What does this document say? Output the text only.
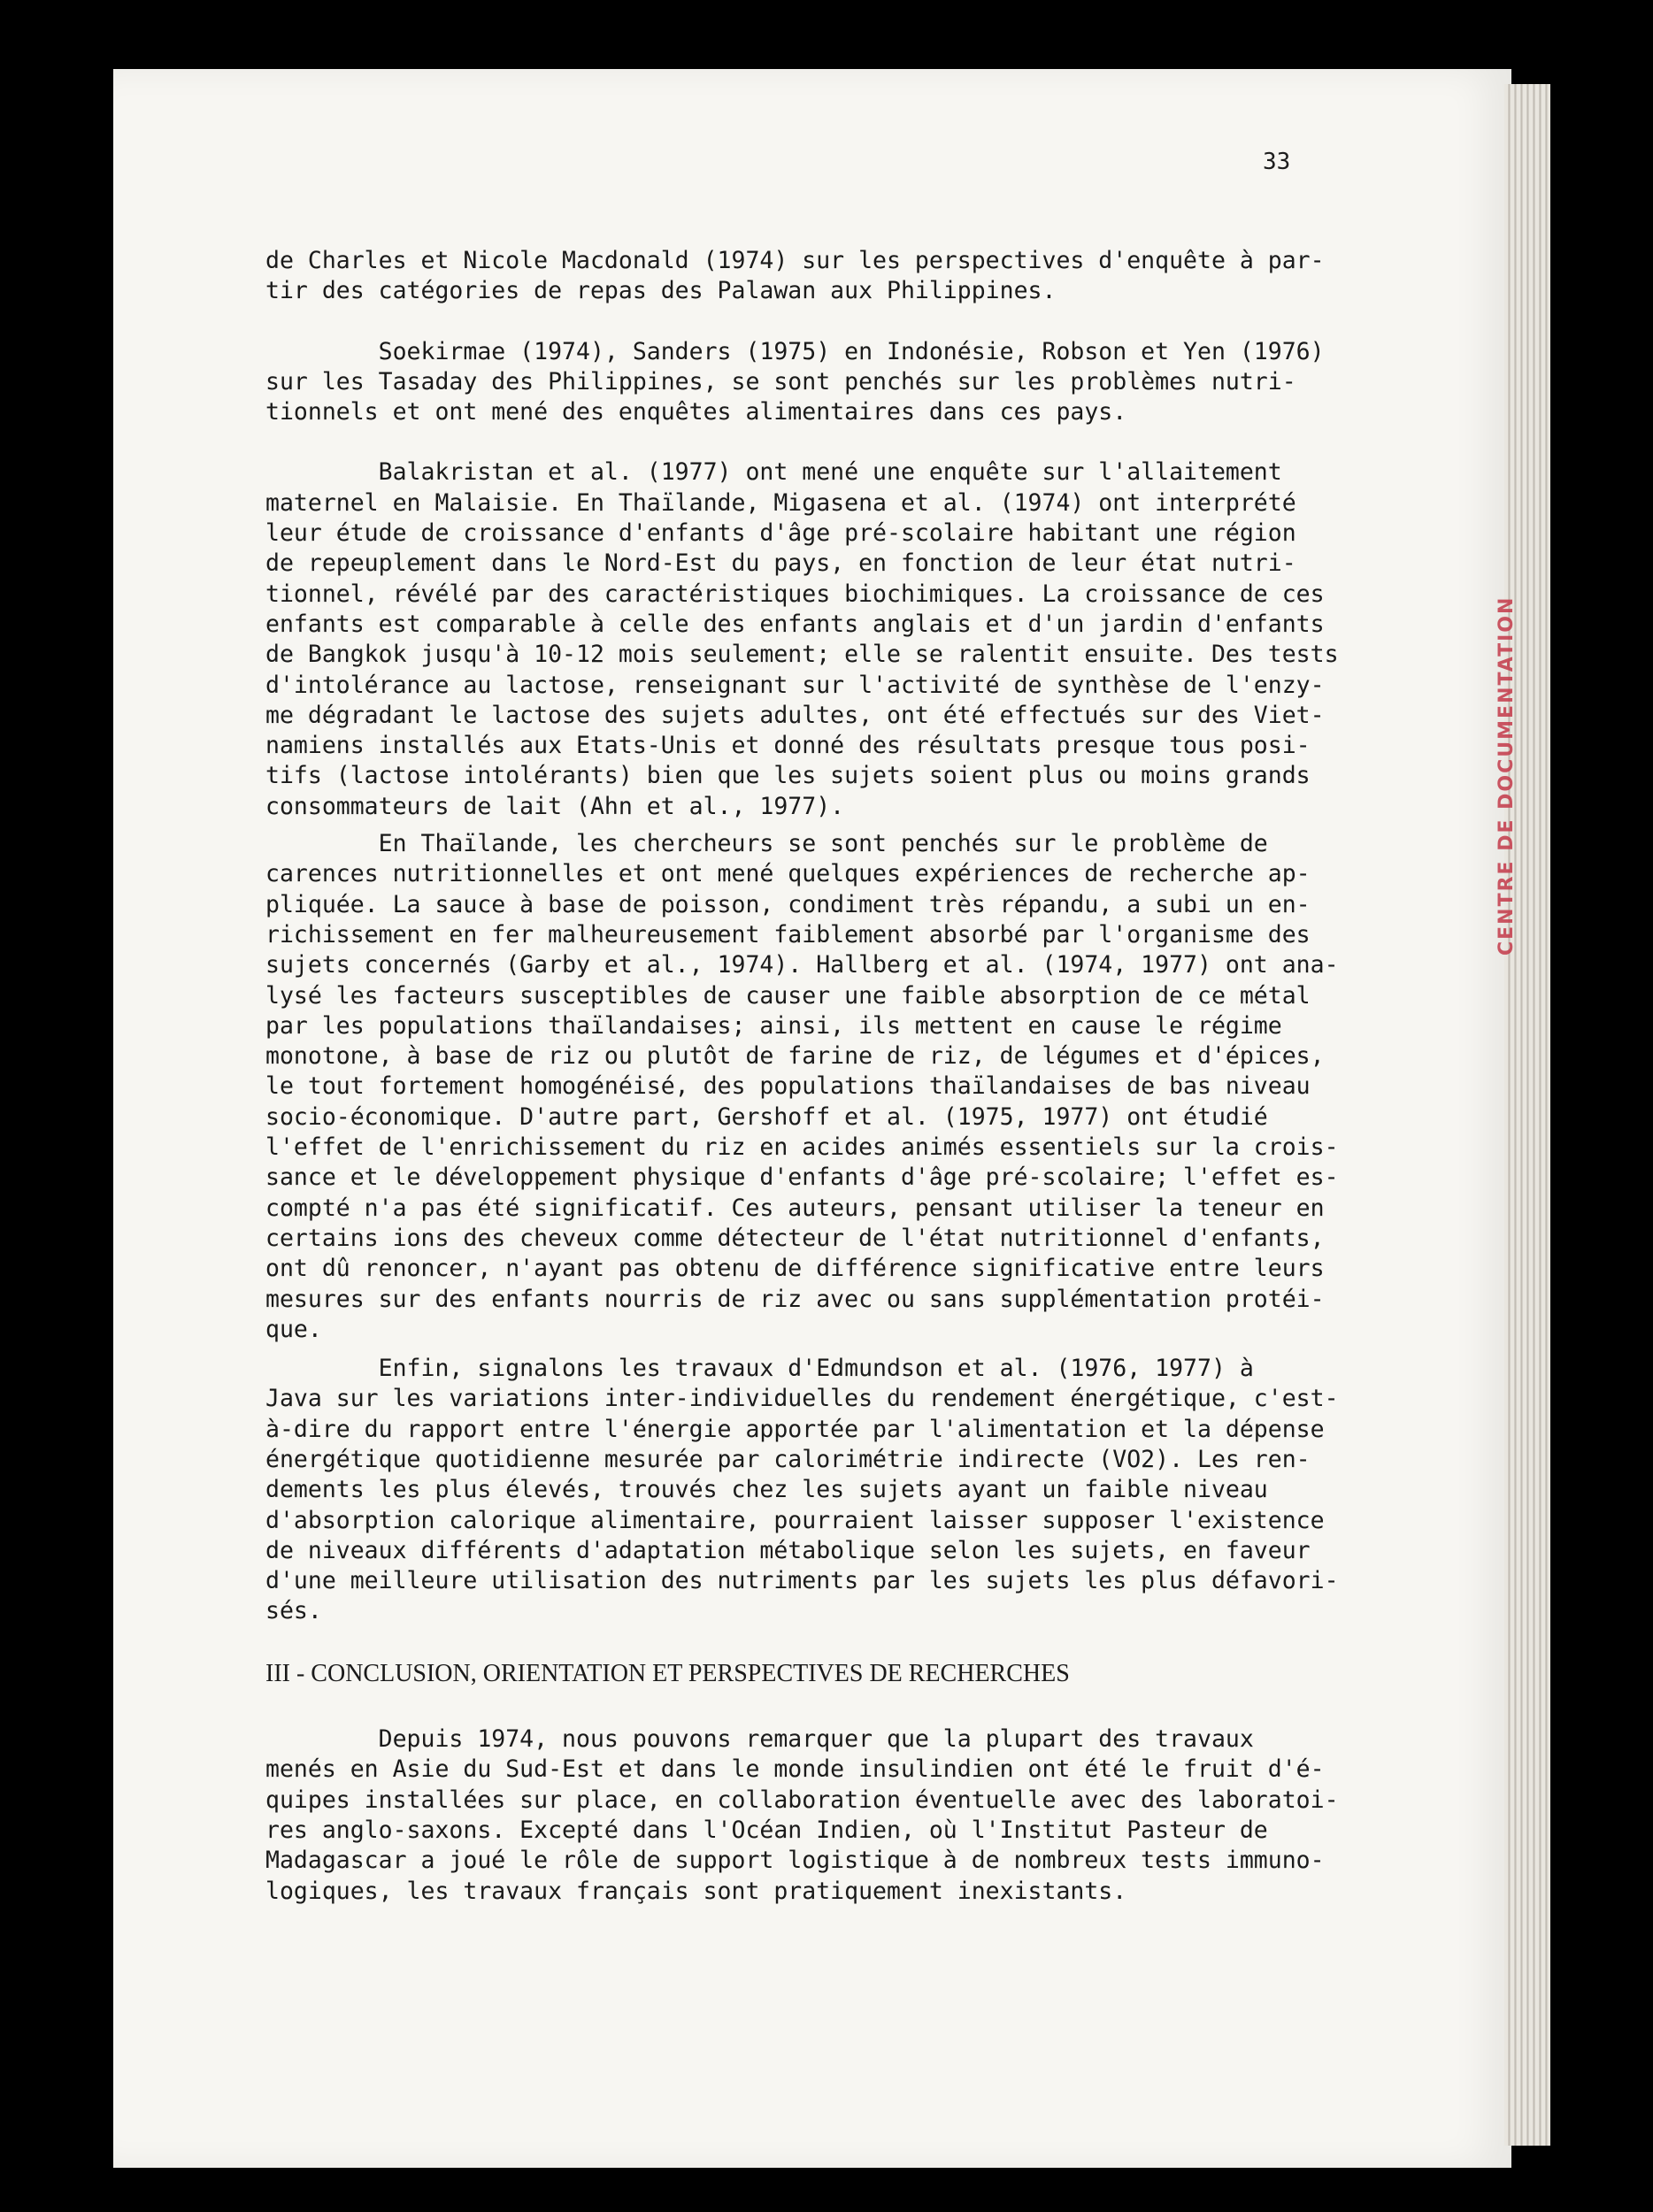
CENTRE DE DOCUMENTATION
33

de Charles et Nicole Macdonald (1974) sur les perspectives d'enquête à par-
tir des catégories de repas des Palawan aux Philippines.

Soekirmae (1974), Sanders (1975) en Indonésie, Robson et Yen (1976)
sur les Tasaday des Philippines, se sont penchés sur les problèmes nutri-
tionnels et ont mené des enquêtes alimentaires dans ces pays.

Balakristan et al. (1977) ont mené une enquête sur l'allaitement
maternel en Malaisie. En Thaïlande, Migasena et al. (1974) ont interprété
leur étude de croissance d'enfants d'âge pré-scolaire habitant une région
de repeuplement dans le Nord-Est du pays, en fonction de leur état nutri-
tionnel, révélé par des caractéristiques biochimiques. La croissance de ces
enfants est comparable à celle des enfants anglais et d'un jardin d'enfants
de Bangkok jusqu'à 10-12 mois seulement; elle se ralentit ensuite. Des tests
d'intolérance au lactose, renseignant sur l'activité de synthèse de l'enzy-
me dégradant le lactose des sujets adultes, ont été effectués sur des Viet-
namiens installés aux Etats-Unis et donné des résultats presque tous posi-
tifs (lactose intolérants) bien que les sujets soient plus ou moins grands
consommateurs de lait (Ahn et al., 1977).

En Thaïlande, les chercheurs se sont penchés sur le problème de
carences nutritionnelles et ont mené quelques expériences de recherche ap-
pliquée. La sauce à base de poisson, condiment très répandu, a subi un en-
richissement en fer malheureusement faiblement absorbé par l'organisme des
sujets concernés (Garby et al., 1974). Hallberg et al. (1974, 1977) ont ana-
lysé les facteurs susceptibles de causer une faible absorption de ce métal
par les populations thaïlandaises; ainsi, ils mettent en cause le régime
monotone, à base de riz ou plutôt de farine de riz, de légumes et d'épices,
le tout fortement homogénéisé, des populations thaïlandaises de bas niveau
socio-économique. D'autre part, Gershoff et al. (1975, 1977) ont étudié
l'effet de l'enrichissement du riz en acides animés essentiels sur la crois-
sance et le développement physique d'enfants d'âge pré-scolaire; l'effet es-
compté n'a pas été significatif. Ces auteurs, pensant utiliser la teneur en
certains ions des cheveux comme détecteur de l'état nutritionnel d'enfants,
ont dû renoncer, n'ayant pas obtenu de différence significative entre leurs
mesures sur des enfants nourris de riz avec ou sans supplémentation protéi-
que.

Enfin, signalons les travaux d'Edmundson et al. (1976, 1977) à
Java sur les variations inter-individuelles du rendement énergétique, c'est-
à-dire du rapport entre l'énergie apportée par l'alimentation et la dépense
énergétique quotidienne mesurée par calorimétrie indirecte (VO2). Les ren-
dements les plus élevés, trouvés chez les sujets ayant un faible niveau
d'absorption calorique alimentaire, pourraient laisser supposer l'existence
de niveaux différents d'adaptation métabolique selon les sujets, en faveur
d'une meilleure utilisation des nutriments par les sujets les plus défavori-
sés.

III - CONCLUSION, ORIENTATION ET PERSPECTIVES DE RECHERCHES

Depuis 1974, nous pouvons remarquer que la plupart des travaux
menés en Asie du Sud-Est et dans le monde insulindien ont été le fruit d'é-
quipes installées sur place, en collaboration éventuelle avec des laboratoi-
res anglo-saxons. Excepté dans l'Océan Indien, où l'Institut Pasteur de
Madagascar a joué le rôle de support logistique à de nombreux tests immuno-
logiques, les travaux français sont pratiquement inexistants.
